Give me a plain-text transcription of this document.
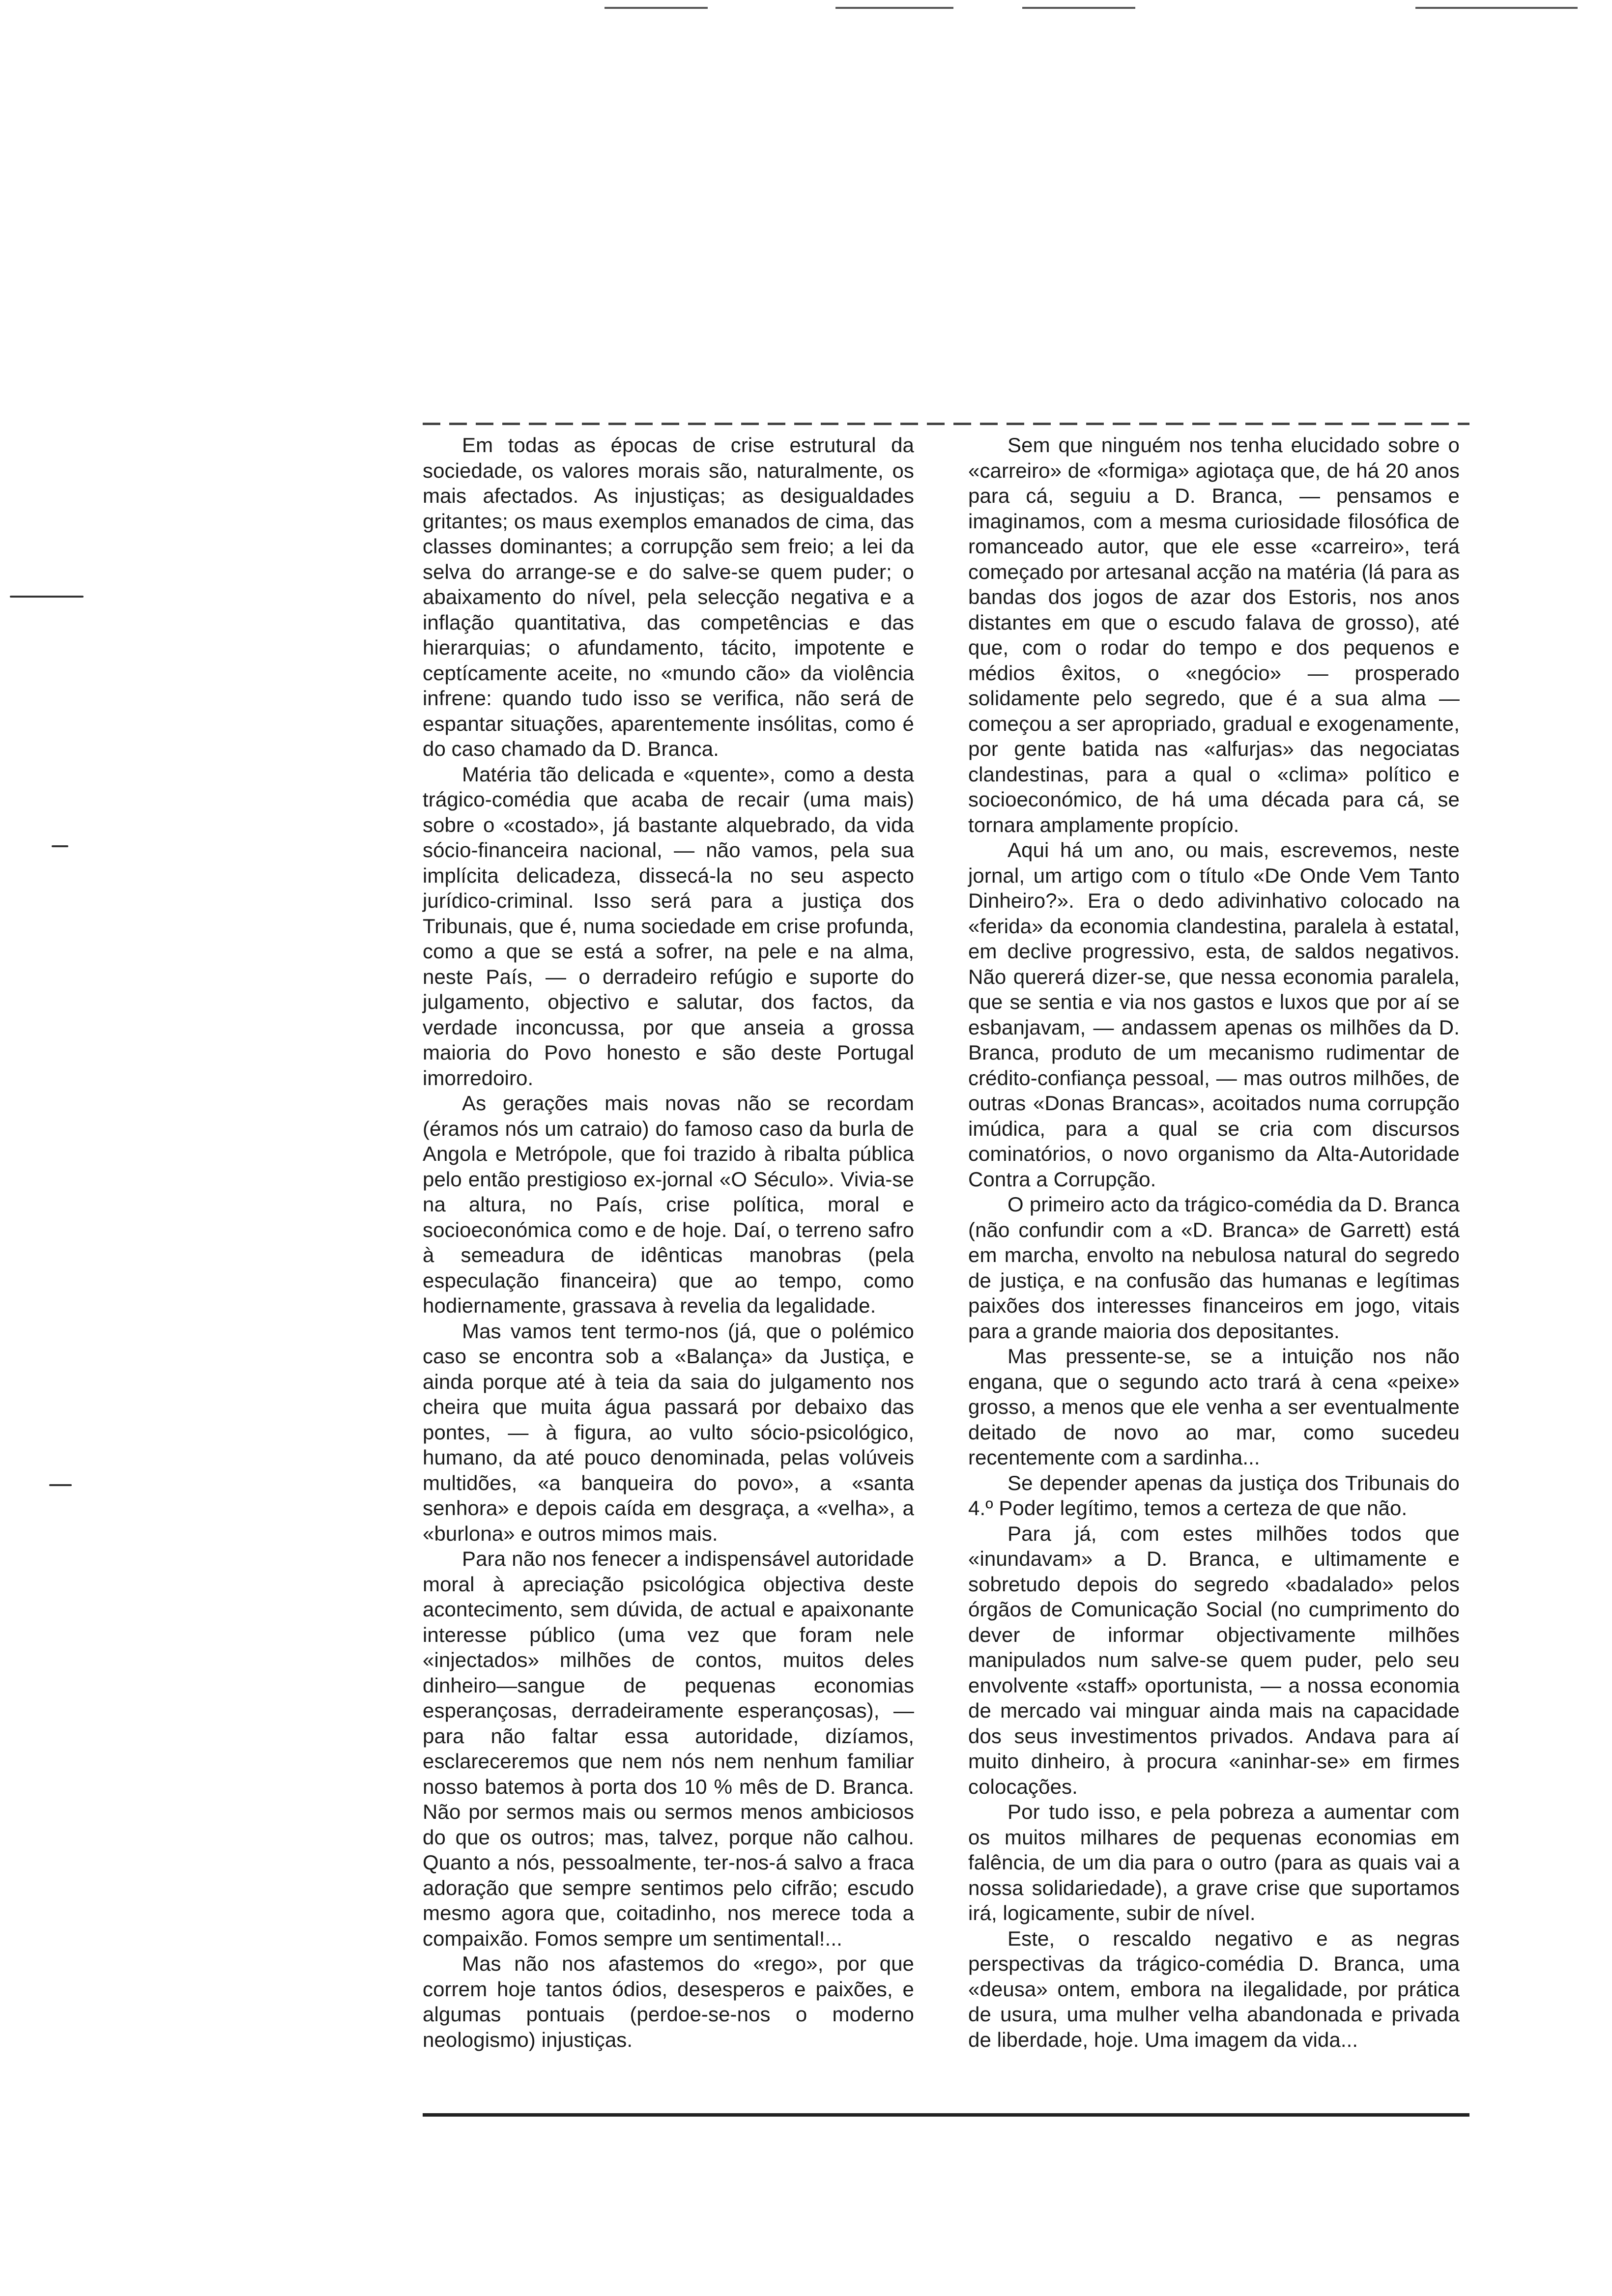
Em todas as épocas de crise estrutural da sociedade, os valores morais são, naturalmente, os mais afectados. As injustiças; as desigualdades gritantes; os maus exemplos emanados de cima, das classes dominantes; a corrupção sem freio; a lei da selva do arrange-se e do salve-se quem puder; o abaixamento do nível, pela selecção negativa e a inflação quantitativa, das competências e das hierarquias; o afundamento, tácito, impotente e ceptícamente aceite, no «mundo cão» da violência infrene: quando tudo isso se verifica, não será de espantar situações, aparentemente insólitas, como é do caso chamado da D. Branca.

Matéria tão delicada e «quente», como a desta trágico-comédia que acaba de recair (uma mais) sobre o «costado», já bastante alquebrado, da vida sócio-financeira nacional, — não vamos, pela sua implícita delicadeza, dissecá-la no seu aspecto jurídico-criminal. Isso será para a justiça dos Tribunais, que é, numa sociedade em crise profunda, como a que se está a sofrer, na pele e na alma, neste País, — o derradeiro refúgio e suporte do julgamento, objectivo e salutar, dos factos, da verdade inconcussa, por que anseia a grossa maioria do Povo honesto e são deste Portugal imorredoiro.

As gerações mais novas não se recordam (éramos nós um catraio) do famoso caso da burla de Angola e Metrópole, que foi trazido à ribalta pública pelo então prestigioso ex-jornal «O Século». Vivia-se na altura, no País, crise política, moral e socioeconómica como e de hoje. Daí, o terreno safro à semeadura de idênticas manobras (pela especulação financeira) que ao tempo, como hodiernamente, grassava à revelia da legalidade.

Mas vamos tent termo-nos (já, que o polémico caso se encontra sob a «Balança» da Justiça, e ainda porque até à teia da saia do julgamento nos cheira que muita água passará por debaixo das pontes, — à figura, ao vulto sócio-psicológico, humano, da até pouco denominada, pelas volúveis multidões, «a banqueira do povo», a «santa senhora» e depois caída em desgraça, a «velha», a «burlona» e outros mimos mais.

Para não nos fenecer a indispensável autoridade moral à apreciação psicológica objectiva deste acontecimento, sem dúvida, de actual e apaixonante interesse público (uma vez que foram nele «injectados» milhões de contos, muitos deles dinheiro—sangue de pequenas economias esperançosas, derradeiramente esperançosas), — para não faltar essa autoridade, dizíamos, esclareceremos que nem nós nem nenhum familiar nosso batemos à porta dos 10 % mês de D. Branca. Não por sermos mais ou sermos menos ambiciosos do que os outros; mas, talvez, porque não calhou. Quanto a nós, pessoalmente, ter-nos-á salvo a fraca adoração que sempre sentimos pelo cifrão; escudo mesmo agora que, coitadinho, nos merece toda a compaixão. Fomos sempre um sentimental!...

Mas não nos afastemos do «rego», por que correm hoje tantos ódios, desesperos e paixões, e algumas pontuais (perdoe-se-nos o moderno neologismo) injustiças.

Sem que ninguém nos tenha elucidado sobre o «carreiro» de «formiga» agiotaça que, de há 20 anos para cá, seguiu a D. Branca, — pensamos e imaginamos, com a mesma curiosidade filosófica de romanceado autor, que ele esse «carreiro», terá começado por artesanal acção na matéria (lá para as bandas dos jogos de azar dos Estoris, nos anos distantes em que o escudo falava de grosso), até que, com o rodar do tempo e dos pequenos e médios êxitos, o «negócio» — prosperado solidamente pelo segredo, que é a sua alma — começou a ser apropriado, gradual e exogenamente, por gente batida nas «alfurjas» das negociatas clandestinas, para a qual o «clima» político e socioeconómico, de há uma década para cá, se tornara amplamente propício.

Aqui há um ano, ou mais, escrevemos, neste jornal, um artigo com o título «De Onde Vem Tanto Dinheiro?». Era o dedo adivinhativo colocado na «ferida» da economia clandestina, paralela à estatal, em declive progressivo, esta, de saldos negativos. Não quererá dizer-se, que nessa economia paralela, que se sentia e via nos gastos e luxos que por aí se esbanjavam, — andassem apenas os milhões da D. Branca, produto de um mecanismo rudimentar de crédito-confiança pessoal, — mas outros milhões, de outras «Donas Brancas», acoitados numa corrupção imúdica, para a qual se cria com discursos cominatórios, o novo organismo da Alta-Autoridade Contra a Corrupção.

O primeiro acto da trágico-comédia da D. Branca (não confundir com a «D. Branca» de Garrett) está em marcha, envolto na nebulosa natural do segredo de justiça, e na confusão das humanas e legítimas paixões dos interesses financeiros em jogo, vitais para a grande maioria dos depositantes.

Mas pressente-se, se a intuição nos não engana, que o segundo acto trará à cena «peixe» grosso, a menos que ele venha a ser eventualmente deitado de novo ao mar, como sucedeu recentemente com a sardinha...

Se depender apenas da justiça dos Tribunais do 4.º Poder legítimo, temos a certeza de que não.

Para já, com estes milhões todos que «inundavam» a D. Branca, e ultimamente e sobretudo depois do segredo «badalado» pelos órgãos de Comunicação Social (no cumprimento do dever de informar objectivamente milhões manipulados num salve-se quem puder, pelo seu envolvente «staff» oportunista, — a nossa economia de mercado vai minguar ainda mais na capacidade dos seus investimentos privados. Andava para aí muito dinheiro, à procura «aninhar-se» em firmes colocações.

Por tudo isso, e pela pobreza a aumentar com os muitos milhares de pequenas economias em falência, de um dia para o outro (para as quais vai a nossa solidariedade), a grave crise que suportamos irá, logicamente, subir de nível.

Este, o rescaldo negativo e as negras perspectivas da trágico-comédia D. Branca, uma «deusa» ontem, embora na ilegalidade, por prática de usura, uma mulher velha abandonada e privada de liberdade, hoje. Uma imagem da vida...
